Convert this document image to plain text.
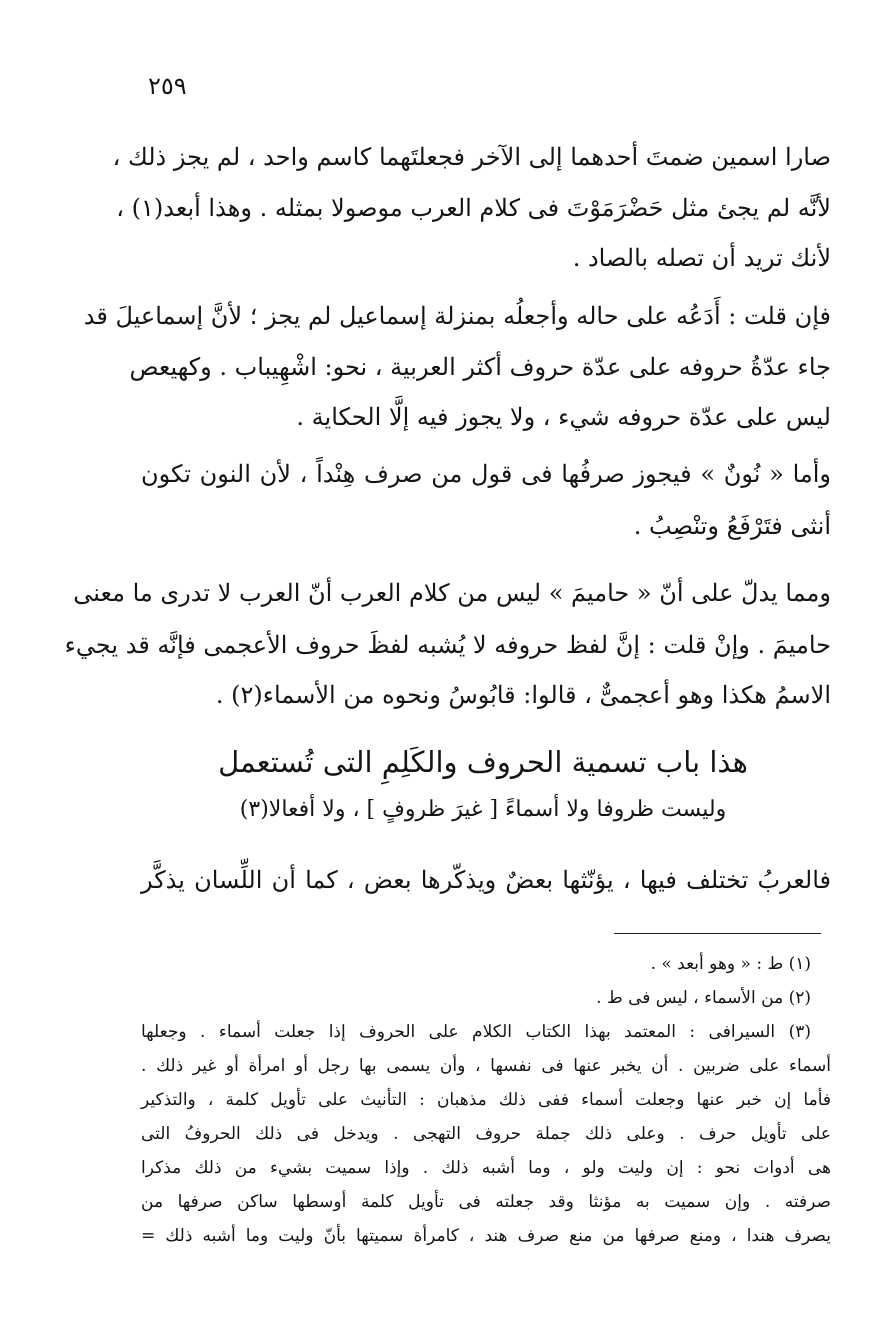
٢٥٩
صارا اسمين ضمتَ أحدهما إلى الآخر فجعلتَهما كاسم واحد ، لم يجز ذلك ،
لأنَّه لم يجئ مثل حَضْرَمَوْتَ فى كلام العرب موصولا بمثله . وهذا أبعد(١) ،
لأنك تريد أن تصله بالصاد .
فإن قلت : أَدَعُه على حاله وأجعلُه بمنزلة إسماعيل لم يجز ؛ لأنَّ إسماعيلَ قد
جاء عدّةُ حروفه على عدّة حروف أكثر العربية ، نحو: اشْهِيباب . وكهيعص
ليس على عدّة حروفه شيء ، ولا يجوز فيه إلَّا الحكاية .
وأما « نُونٌ » فيجوز صرفُها فى قول من صرف هِنْداً ، لأن النون تكون
أنثى فتَرْفَعُ وتنْصِبُ .
ومما يدلّ على أنّ « حاميمَ » ليس من كلام العرب أنّ العرب لا تدرى ما معنى
حاميمَ . وإنْ قلت : إنَّ لفظ حروفه لا يُشبه لفظَ حروف الأعجمى فإنَّه قد يجيء
الاسمُ هكذا وهو أعجمىٌّ ، قالوا: قابُوسُ ونحوه من الأسماء(٢) .
هذا باب تسمية الحروف والكَلِمِ التى تُستعمل
وليست ظروفا ولا أسماءً [ غيرَ ظروفٍ ] ، ولا أفعالا(٣)
فالعربُ تختلف فيها ، يؤنّثها بعضٌ ويذكّرها بعض ، كما أن اللِّسان يذكَّر
(١) ط : « وهو أبعد » .
(٢) من الأسماء ، ليس فى ط .
(٣) السيرافى : المعتمد بهذا الكتاب الكلام على الحروف إذا جعلت أسماء . وجعلها
أسماء على ضربين . أن يخبر عنها فى نفسها ، وأن يسمى بها رجل أو امرأة أو غير ذلك .
فأما إن خبر عنها وجعلت أسماء ففى ذلك مذهبان : التأنيث على تأويل كلمة ، والتذكير
على تأويل حرف . وعلى ذلك جملة حروف التهجى . ويدخل فى ذلك الحروفُ التى
هى أدوات نحو : إن وليت ولو ، وما أشبه ذلك . وإذا سميت بشيء من ذلك مذكرا
صرفته . وإن سميت به مؤنثا وقد جعلته فى تأويل كلمة أوسطها ساكن صرفها من
يصرف هندا ، ومنع صرفها من منع صرف هند ، كامرأة سميتها بأنّ وليت وما أشبه ذلك =
